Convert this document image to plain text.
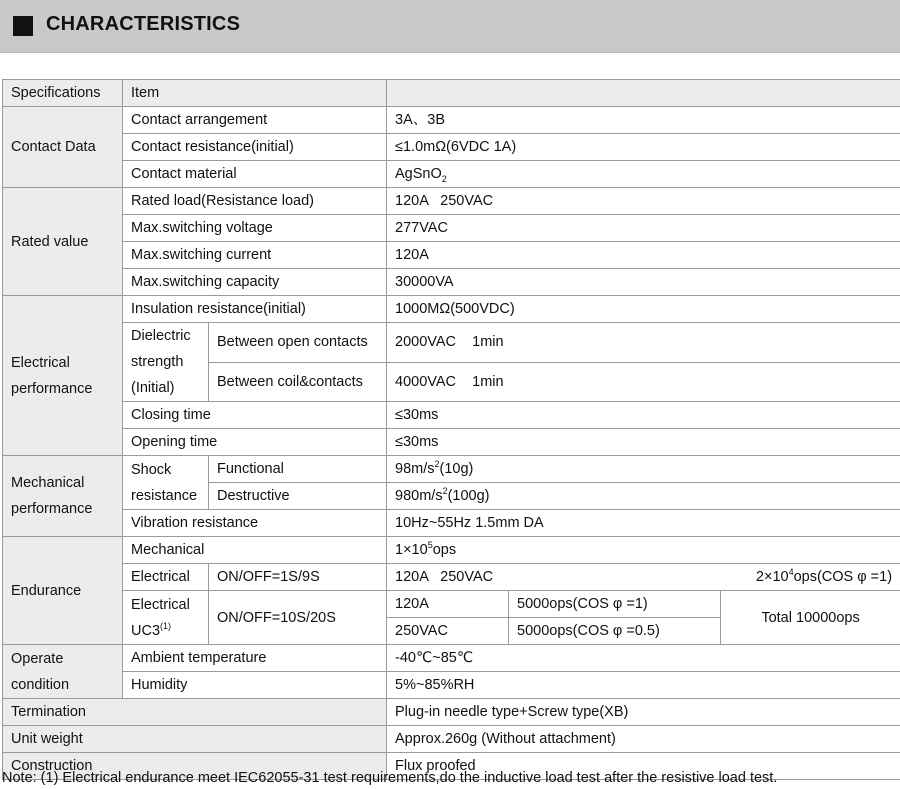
CHARACTERISTICS
Specifications	Item				
Contact Data	Contact arrangement		3A、3B		
	Contact resistance(initial)		≤1.0mΩ(6VDC 1A)		
	Contact material		AgSnO$_2$
Rated value	Rated load(Resistance load)		120A   250VAC		
	Max.switching voltage		277VAC		
	Max.switching current		120A		
	Max.switching capacity		30000VA		
Electrical performance	Insulation resistance(initial)		1000MΩ(500VDC)		
	Dielectric strength (Initial)	Between open contacts	2000VAC    1min		
		Between coil&contacts	4000VAC    1min		
	Closing time		≤30ms		
	Opening time		≤30ms		
Mechanical performance	Shock resistance	Functional	$98m/s^2(10g)$		
		Destructive	$980m/s^2(100g)$		
	Vibration resistance		10Hz~55Hz 1.5mm DA		
Endurance	Mechanical		$1\times 10^5ops$		
	Electrical	ON/OFF=1S/9S	120A   250VAC		$2\times 10^4ops(COS$ φ =1)
	Electrical UC3$^{(1)}$	ON/OFF=10S/20S	120A	5000ops(COS φ =1)	Total 10000ops
			250VAC	5000ops(COS φ =0.5)	
Operate condition	Ambient temperature		-40℃~85℃		
	Humidity		5%~85%RH		
Termination			Plug-in needle type+Screw type(XB)		
Unit weight			Approx.260g (Without attachment)		
Construction			Flux proofed		
Note: (1) Electrical endurance meet IEC62055-31 test requirements,do the inductive load test after the resistive load test.
